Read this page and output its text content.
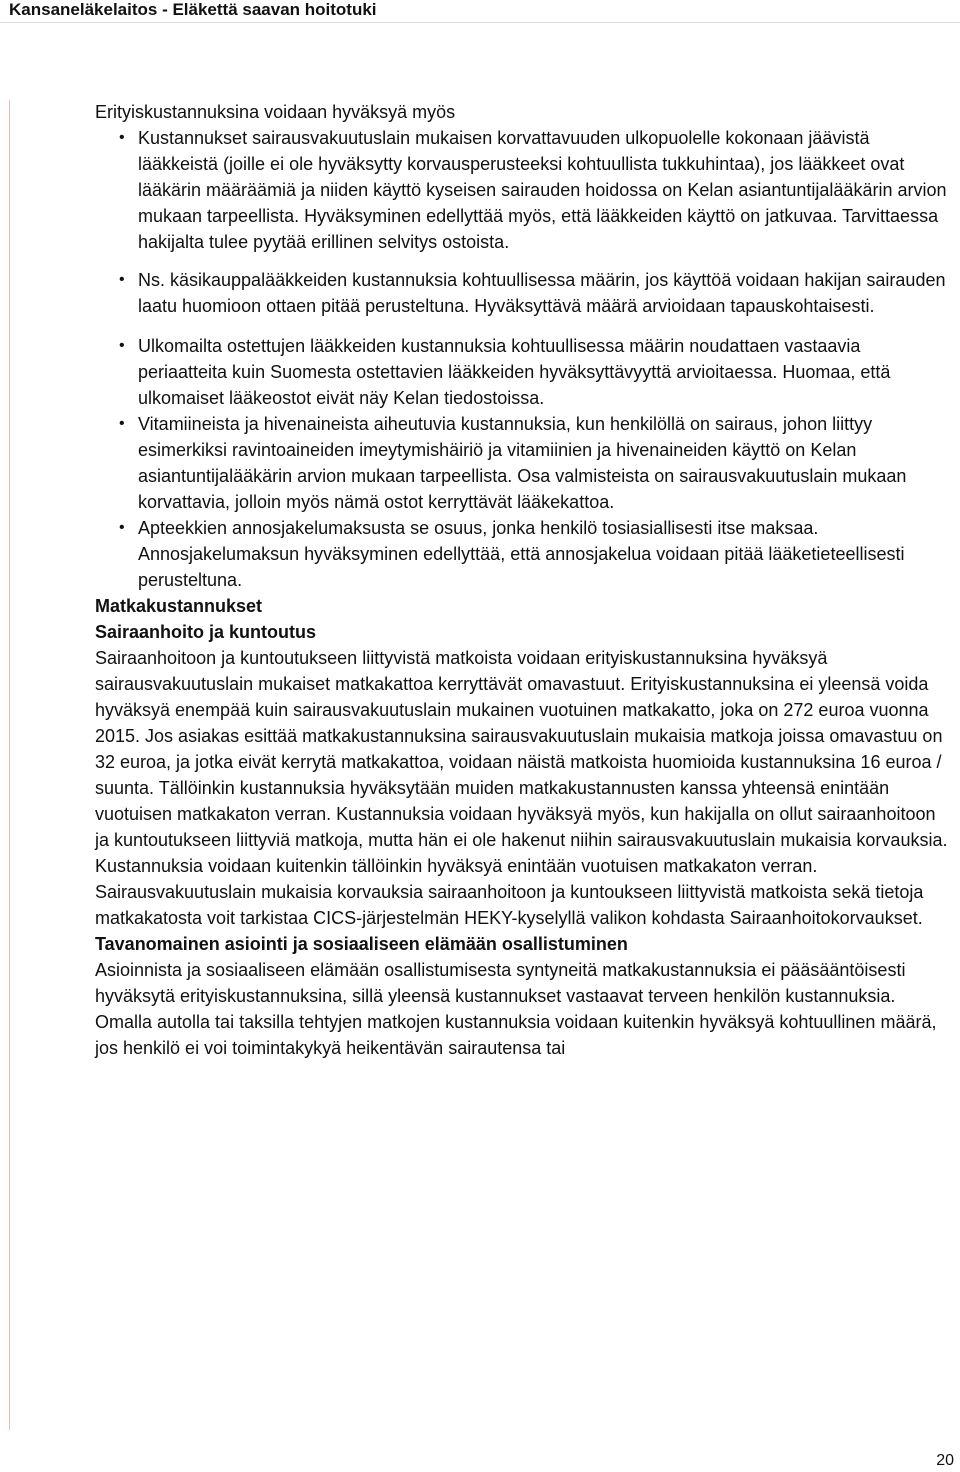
Kansaneläkelaitos - Eläkettä saavan hoitotuki

Erityiskustannuksina voidaan hyväksyä myös

• Kustannukset sairausvakuutuslain mukaisen korvattavuuden ulkopuolelle kokonaan jäävistä lääkkeistä (joille ei ole hyväksytty korvausperusteeksi kohtuullista tukkuhintaa), jos lääkkeet ovat lääkärin määräämiä ja niiden käyttö kyseisen sairauden hoidossa on Kelan asiantuntijalääkärin arvion mukaan tarpeellista. Hyväksyminen edellyttää myös, että lääkkeiden käyttö on jatkuvaa. Tarvittaessa hakijalta tulee pyytää erillinen selvitys ostoista.
• Ns. käsikauppalääkkeiden kustannuksia kohtuullisessa määrin, jos käyttöä voidaan hakijan sairauden laatu huomioon ottaen pitää perusteltuna. Hyväksyttävä määrä arvioidaan tapauskohtaisesti.
• Ulkomailta ostettujen lääkkeiden kustannuksia kohtuullisessa määrin noudattaen vastaavia periaatteita kuin Suomesta ostettavien lääkkeiden hyväksyttävyyttä arvioitaessa. Huomaa, että ulkomaiset lääkeostot eivät näy Kelan tiedostoissa.
• Vitamiineista ja hivenaineista aiheutuvia kustannuksia, kun henkilöllä on sairaus, johon liittyy esimerkiksi ravintoaineiden imeytymishäiriö ja vitamiinien ja hivenaineiden käyttö on Kelan asiantuntijalääkärin arvion mukaan tarpeellista. Osa valmisteista on sairausvakuutuslain mukaan korvattavia, jolloin myös nämä ostot kerryttävät lääkekattoa.
• Apteekkien annosjakelumaksusta se osuus, jonka henkilö tosiasiallisesti itse maksaa. Annosjakelumaksun hyväksyminen edellyttää, että annosjakelua voidaan pitää lääketieteellisesti perusteltuna.

Matkakustannukset

Sairaanhoito ja kuntoutus

Sairaanhoitoon ja kuntoutukseen liittyvistä matkoista voidaan erityiskustannuksina hyväksyä sairausvakuutuslain mukaiset matkakattoa kerryttävät omavastuut. Erityiskustannuksina ei yleensä voida hyväksyä enempää kuin sairausvakuutuslain mukainen vuotuinen matkakatto, joka on 272 euroa vuonna 2015. Jos asiakas esittää matkakustannuksina sairausvakuutuslain mukaisia matkoja joissa omavastuu on 32 euroa, ja jotka eivät kerrytä matkakattoa, voidaan näistä matkoista huomioida kustannuksina 16 euroa / suunta. Tällöinkin kustannuksia hyväksytään muiden matkakustannusten kanssa yhteensä enintään vuotuisen matkakaton verran. Kustannuksia voidaan hyväksyä myös, kun hakijalla on ollut sairaanhoitoon ja kuntoutukseen liittyviä matkoja, mutta hän ei ole hakenut niihin sairausvakuutuslain mukaisia korvauksia. Kustannuksia voidaan kuitenkin tällöinkin hyväksyä enintään vuotuisen matkakaton verran.

Sairausvakuutuslain mukaisia korvauksia sairaanhoitoon ja kuntoukseen liittyvistä matkoista sekä tietoja matkakatosta voit tarkistaa CICS-järjestelmän HEKY-kyselyllä valikon kohdasta Sairaanhoitokorvaukset.

Tavanomainen asiointi ja sosiaaliseen elämään osallistuminen

Asioinnista ja sosiaaliseen elämään osallistumisesta syntyneitä matkakustannuksia ei pääsääntöisesti hyväksytä erityiskustannuksina, sillä yleensä kustannukset vastaavat terveen henkilön kustannuksia.

Omalla autolla tai taksilla tehtyjen matkojen kustannuksia voidaan kuitenkin hyväksyä kohtuullinen määrä, jos henkilö ei voi toimintakykyä heikentävän sairautensa tai

20
